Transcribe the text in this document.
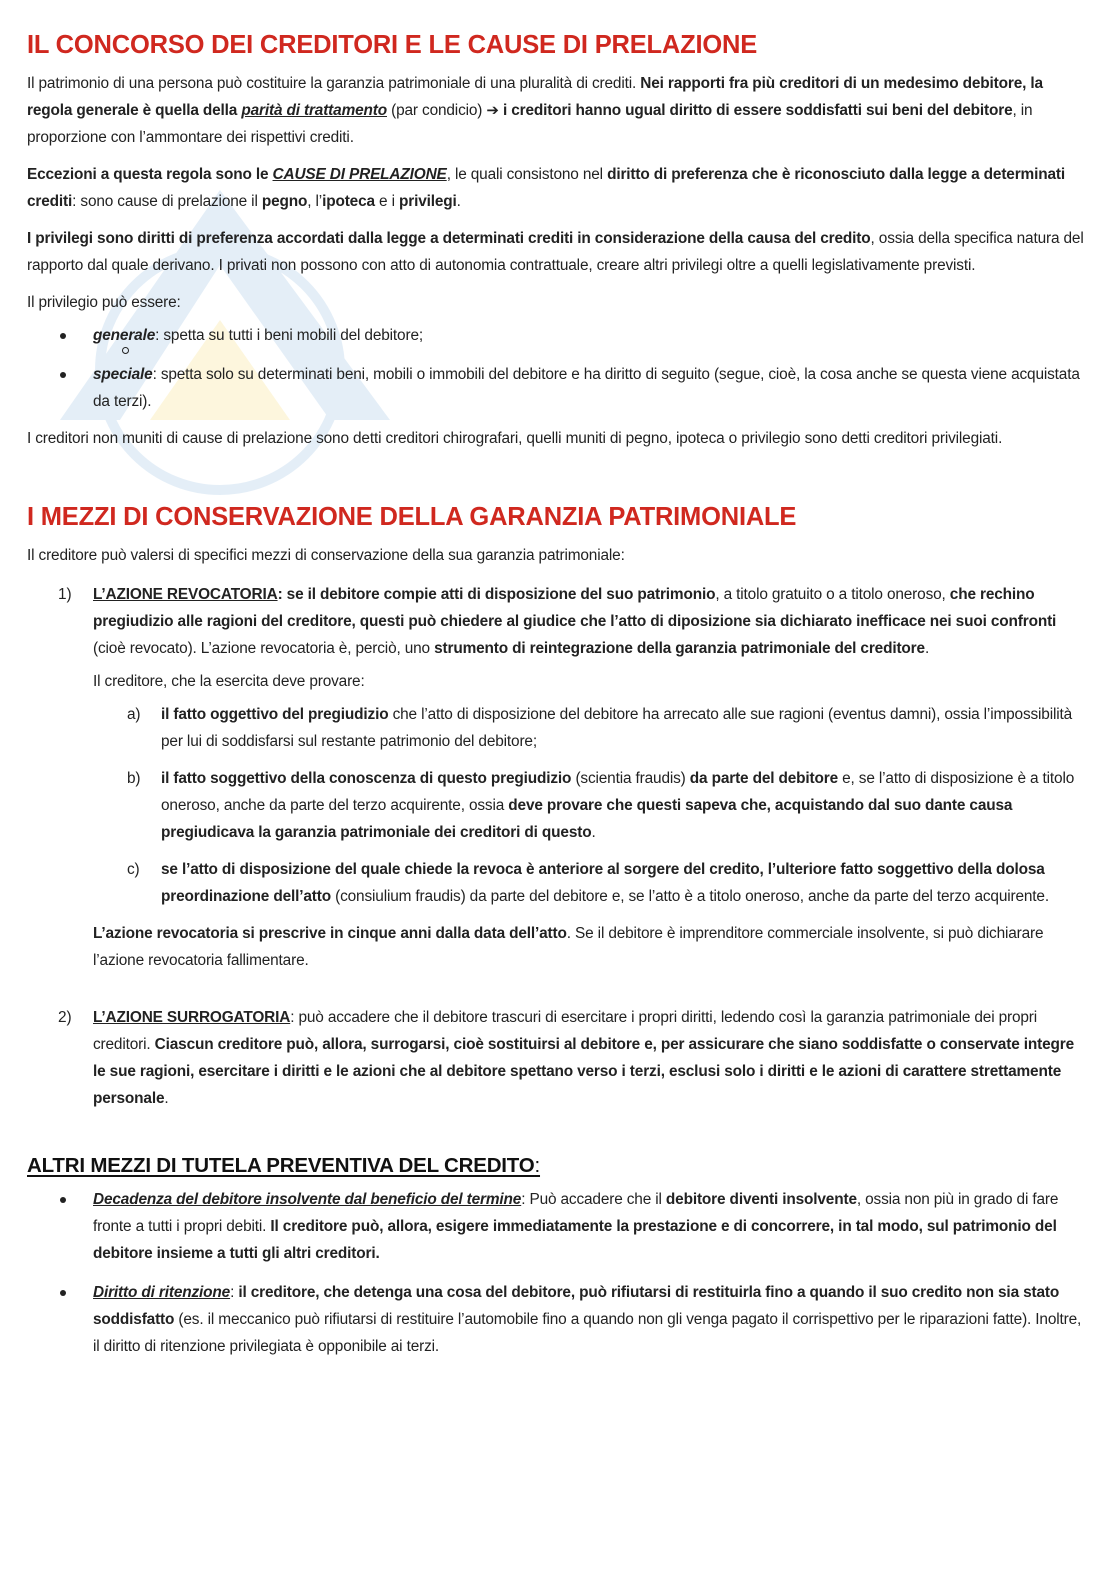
IL CONCORSO DEI CREDITORI E LE CAUSE DI PRELAZIONE

Il patrimonio di una persona può costituire la garanzia patrimoniale di una pluralità di crediti. Nei rapporti fra più creditori di un medesimo debitore, la regola generale è quella della parità di trattamento (par condicio) ➔ i creditori hanno ugual diritto di essere soddisfatti sui beni del debitore, in proporzione con l’ammontare dei rispettivi crediti.

Eccezioni a questa regola sono le CAUSE DI PRELAZIONE, le quali consistono nel diritto di preferenza che è riconosciuto dalla legge a determinati crediti: sono cause di prelazione il pegno, l’ipoteca e i privilegi.

I privilegi sono diritti di preferenza accordati dalla legge a determinati crediti in considerazione della causa del credito, ossia della specifica natura del rapporto dal quale derivano. I privati non possono con atto di autonomia contrattuale, creare altri privilegi oltre a quelli legislativamente previsti.

Il privilegio può essere:

generale: spetta su tutti i beni mobili del debitore;
speciale: spetta solo su determinati beni, mobili o immobili del debitore e ha diritto di seguito (segue, cioè, la cosa anche se questa viene acquistata da terzi).

I creditori non muniti di cause di prelazione sono detti creditori chirografari, quelli muniti di pegno, ipoteca o privilegio sono detti creditori privilegiati.

I MEZZI DI CONSERVAZIONE DELLA GARANZIA PATRIMONIALE

Il creditore può valersi di specifici mezzi di conservazione della sua garanzia patrimoniale:

1) L’AZIONE REVOCATORIA: se il debitore compie atti di disposizione del suo patrimonio, a titolo gratuito o a titolo oneroso, che rechino pregiudizio alle ragioni del creditore, questi può chiedere al giudice che l’atto di diposizione sia dichiarato inefficace nei suoi confronti (cioè revocato). L’azione revocatoria è, perciò, uno strumento di reintegrazione della garanzia patrimoniale del creditore.

Il creditore, che la esercita deve provare:

a) il fatto oggettivo del pregiudizio che l’atto di disposizione del debitore ha arrecato alle sue ragioni (eventus damni), ossia l’impossibilità per lui di soddisfarsi sul restante patrimonio del debitore;
b) il fatto soggettivo della conoscenza di questo pregiudizio (scientia fraudis) da parte del debitore e, se l’atto di disposizione è a titolo oneroso, anche da parte del terzo acquirente, ossia deve provare che questi sapeva che, acquistando dal suo dante causa pregiudicava la garanzia patrimoniale dei creditori di questo.
c) se l’atto di disposizione del quale chiede la revoca è anteriore al sorgere del credito, l’ulteriore fatto soggettivo della dolosa preordinazione dell’atto (consiulium fraudis) da parte del debitore e, se l’atto è a titolo oneroso, anche da parte del terzo acquirente.

L’azione revocatoria si prescrive in cinque anni dalla data dell’atto. Se il debitore è imprenditore commerciale insolvente, si può dichiarare l’azione revocatoria fallimentare.

2) L’AZIONE SURROGATORIA: può accadere che il debitore trascuri di esercitare i propri diritti, ledendo così la garanzia patrimoniale dei propri creditori. Ciascun creditore può, allora, surrogarsi, cioè sostituirsi al debitore e, per assicurare che siano soddisfatte o conservate integre le sue ragioni, esercitare i diritti e le azioni che al debitore spettano verso i terzi, esclusi solo i diritti e le azioni di carattere strettamente personale.

ALTRI MEZZI DI TUTELA PREVENTIVA DEL CREDITO:
Decadenza del debitore insolvente dal beneficio del termine: Può accadere che il debitore diventi insolvente, ossia non più in grado di fare fronte a tutti i propri debiti. Il creditore può, allora, esigere immediatamente la prestazione e di concorrere, in tal modo, sul patrimonio del debitore insieme a tutti gli altri creditori.
Diritto di ritenzione: il creditore, che detenga una cosa del debitore, può rifiutarsi di restituirla fino a quando il suo credito non sia stato soddisfatto (es. il meccanico può rifiutarsi di restituire l’automobile fino a quando non gli venga pagato il corrispettivo per le riparazioni fatte). Inoltre, il diritto di ritenzione privilegiata è opponibile ai terzi.
